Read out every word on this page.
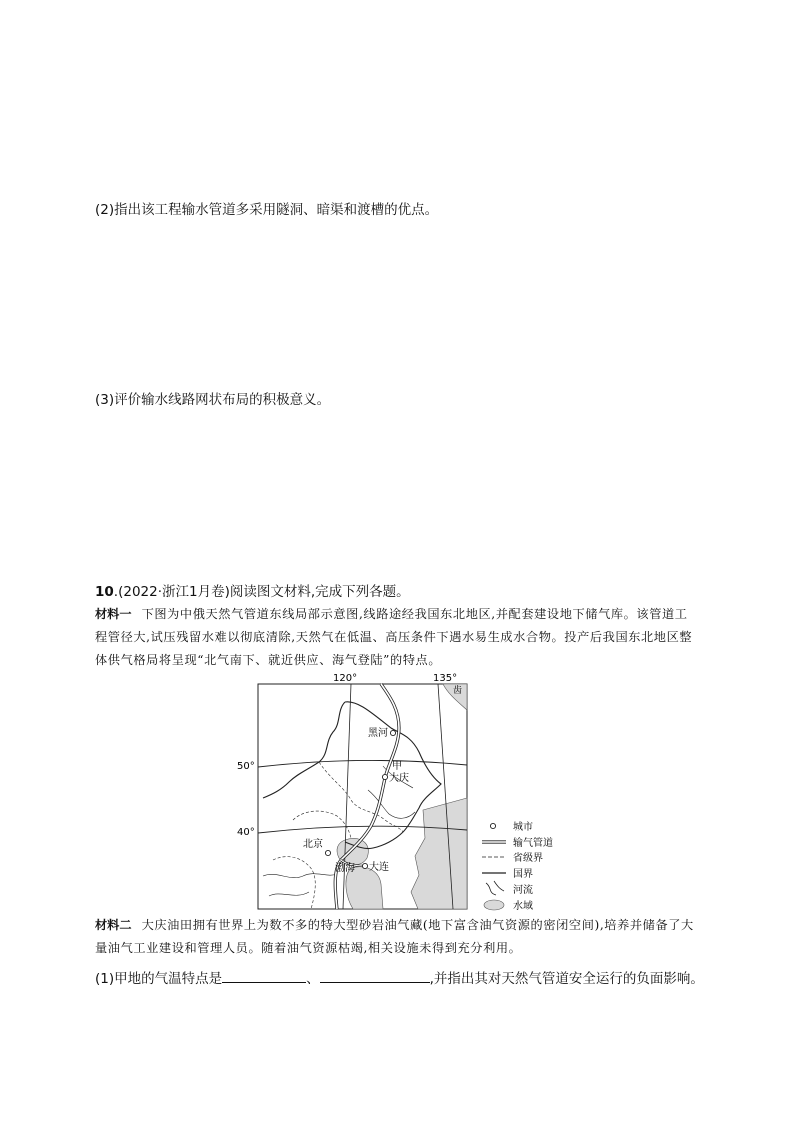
(2)指出该工程输水管道多采用隧洞、暗渠和渡槽的优点。
(3)评价输水线路网状布局的积极意义。
10.(2022·浙江1月卷)阅读图文材料,完成下列各题。
材料一 下图为中俄天然气管道东线局部示意图,线路途经我国东北地区,并配套建设地下储气库。该管道工程管径大,试压残留水难以彻底清除,天然气在低温、高压条件下遇水易生成水合物。投产后我国东北地区整体供气格局将呈现“北气南下、就近供应、海气登陆”的特点。
120°	135°
50°
40°
齿
黑河
甲
大庆
北京
渤海 大连
城市
输气管道
省级界
国界
河流
水域
材料二 大庆油田拥有世界上为数不多的特大型砂岩油气藏(地下富含油气资源的密闭空间),培养并储备了大量油气工业建设和管理人员。随着油气资源枯竭,相关设施未得到充分利用。
(1)甲地的气温特点是	、	,并指出其对天然气管道安全运行的负面影响。
